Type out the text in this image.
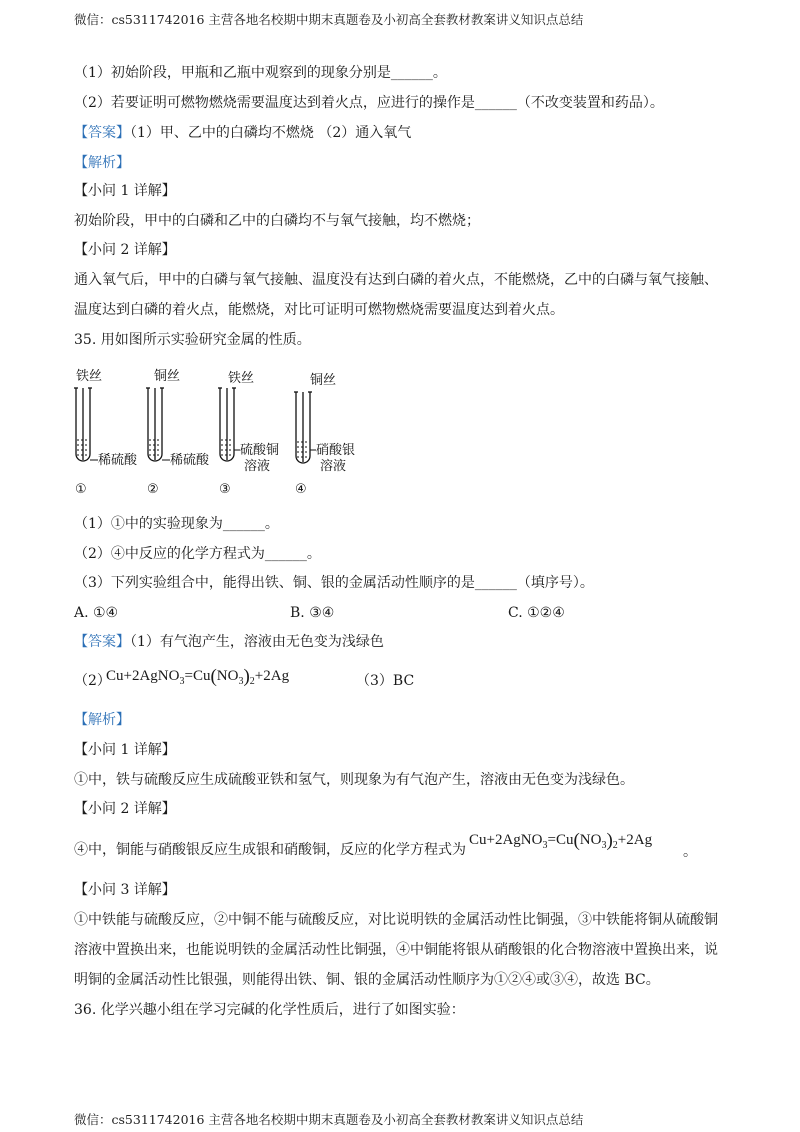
微信：cs5311742016 主营各地名校期中期末真题卷及小初高全套教材教案讲义知识点总结
（1）初始阶段，甲瓶和乙瓶中观察到的现象分别是______。
（2）若要证明可燃物燃烧需要温度达到着火点，应进行的操作是______（不改变装置和药品）。
【答案】（1）甲、乙中的白磷均不燃烧 （2）通入氧气
【解析】
【小问 1 详解】
初始阶段，甲中的白磷和乙中的白磷均不与氧气接触，均不燃烧；
【小问 2 详解】
通入氧气后，甲中的白磷与氧气接触、温度没有达到白磷的着火点，不能燃烧，乙中的白磷与氧气接触、
温度达到白磷的着火点，能燃烧，对比可证明可燃物燃烧需要温度达到着火点。
35. 用如图所示实验研究金属的性质。
铁丝
稀硫酸
①
铜丝
稀硫酸
②
铁丝
硫酸铜
溶液
③
铜丝
硝酸银
溶液
④
（1）①中的实验现象为______。
（2）④中反应的化学方程式为______。
（3）下列实验组合中，能得出铁、铜、银的金属活动性顺序的是______（填序号）。
A. ①④	B. ③④	C. ①②④
【答案】（1）有气泡产生，溶液由无色变为浅绿色
（2）
$Cu+2AgNO_3=Cu(NO_3)_2+2Ag$	（3）BC
【解析】
【小问 1 详解】
①中，铁与硫酸反应生成硫酸亚铁和氢气，则现象为有气泡产生，溶液由无色变为浅绿色。
【小问 2 详解】
④中，铜能与硝酸银反应生成银和硝酸铜，反应的化学方程式为
$Cu+2AgNO_3=Cu(NO_3)_2+2Ag$
。
【小问 3 详解】
①中铁能与硫酸反应，②中铜不能与硫酸反应，对比说明铁的金属活动性比铜强，③中铁能将铜从硫酸铜
溶液中置换出来，也能说明铁的金属活动性比铜强，④中铜能将银从硝酸银的化合物溶液中置换出来，说
明铜的金属活动性比银强，则能得出铁、铜、银的金属活动性顺序为①②④或③④，故选 BC。
36. 化学兴趣小组在学习完碱的化学性质后，进行了如图实验：
微信：cs5311742016 主营各地名校期中期末真题卷及小初高全套教材教案讲义知识点总结
